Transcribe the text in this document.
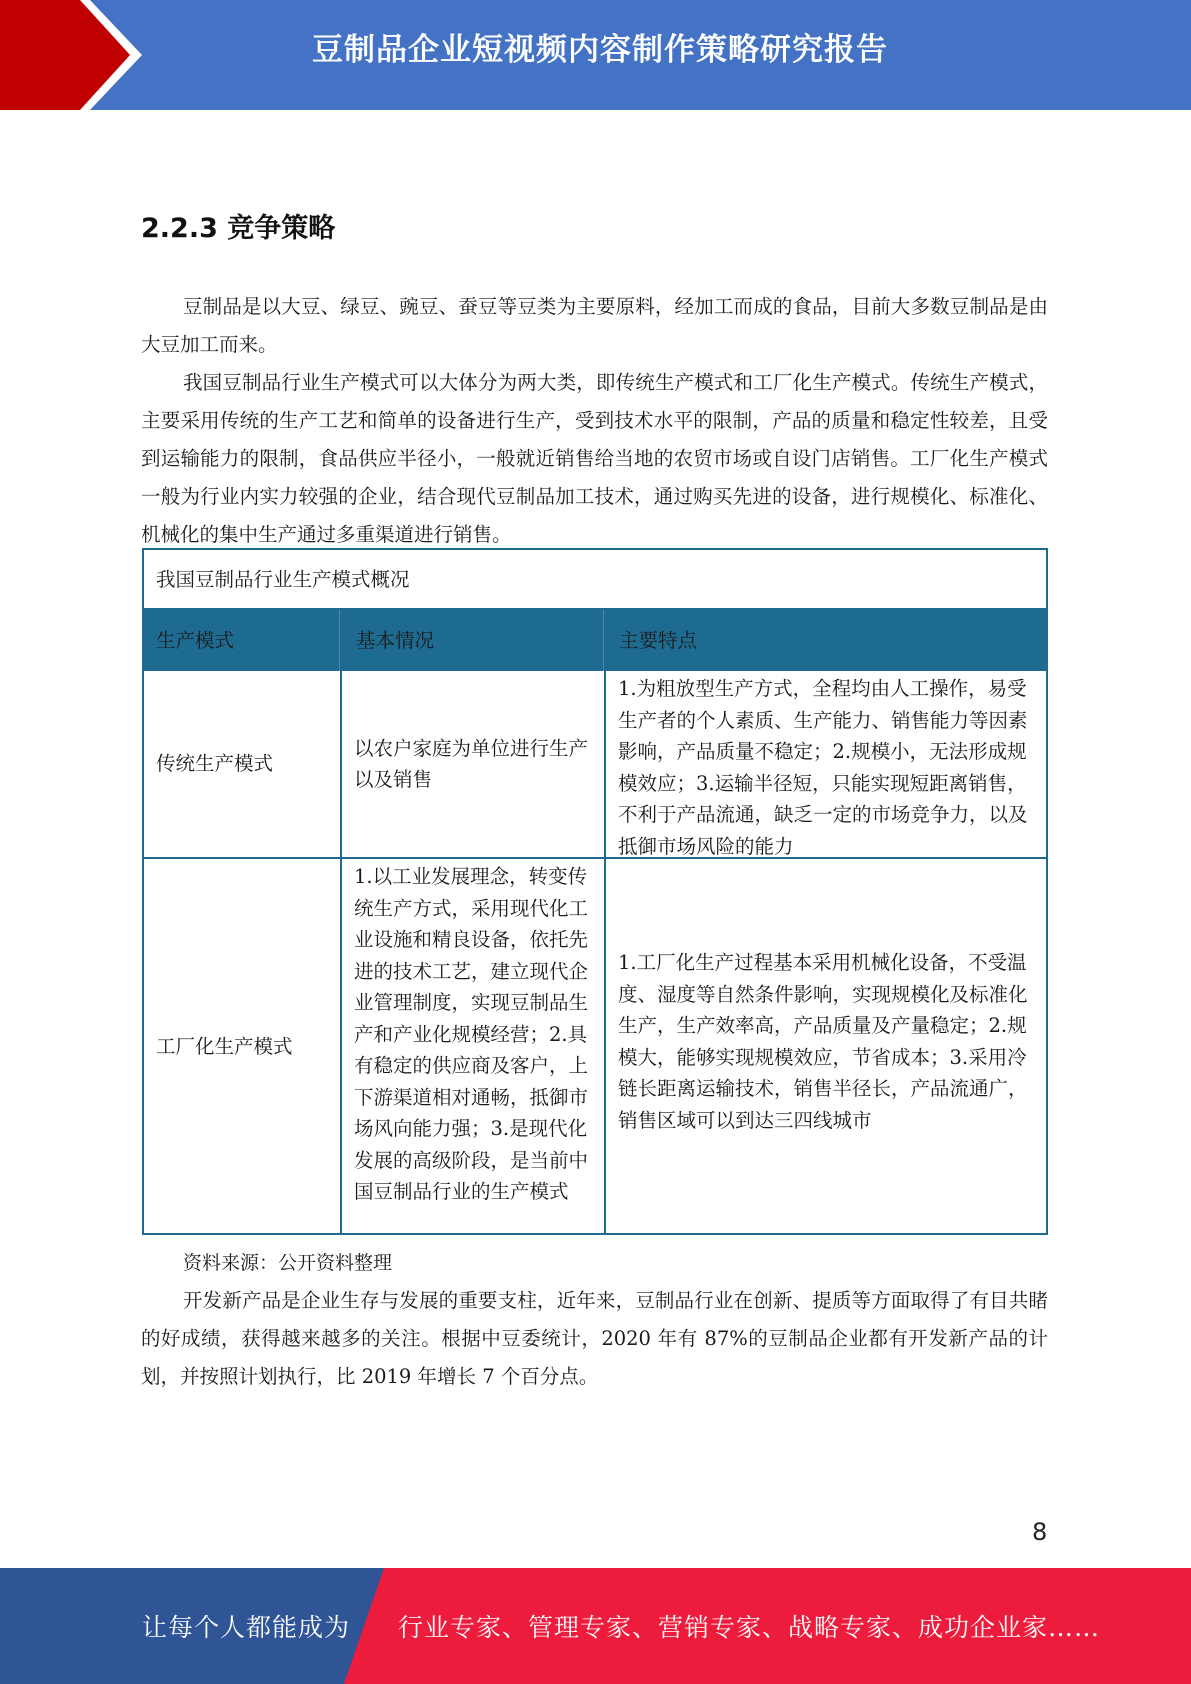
豆制品企业短视频内容制作策略研究报告
2.2.3 竞争策略

豆制品是以大豆、绿豆、豌豆、蚕豆等豆类为主要原料，经加工而成的食品，目前大多数豆制品是由大豆加工而来。

我国豆制品行业生产模式可以大体分为两大类，即传统生产模式和工厂化生产模式。传统生产模式，主要采用传统的生产工艺和简单的设备进行生产，受到技术水平的限制，产品的质量和稳定性较差，且受到运输能力的限制，食品供应半径小，一般就近销售给当地的农贸市场或自设门店销售。工厂化生产模式一般为行业内实力较强的企业，结合现代豆制品加工技术，通过购买先进的设备，进行规模化、标准化、机械化的集中生产通过多重渠道进行销售。

我国豆制品行业生产模式概况
生产模式	基本情况	主要特点
传统生产模式
以农户家庭为单位进行生产以及销售
1.为粗放型生产方式，全程均由人工操作，易受生产者的个人素质、生产能力、销售能力等因素影响，产品质量不稳定；2.规模小，无法形成规模效应；3.运输半径短，只能实现短距离销售，不利于产品流通，缺乏一定的市场竞争力，以及抵御市场风险的能力
工厂化生产模式
1.以工业发展理念，转变传统生产方式，采用现代化工业设施和精良设备，依托先进的技术工艺，建立现代企业管理制度，实现豆制品生产和产业化规模经营；2.具有稳定的供应商及客户，上下游渠道相对通畅，抵御市场风向能力强；3.是现代化发展的高级阶段，是当前中国豆制品行业的生产模式
1.工厂化生产过程基本采用机械化设备，不受温度、湿度等自然条件影响，实现规模化及标准化生产，生产效率高，产品质量及产量稳定；2.规模大，能够实现规模效应，节省成本；3.采用冷链长距离运输技术，销售半径长，产品流通广，销售区域可以到达三四线城市
资料来源：公开资料整理

开发新产品是企业生存与发展的重要支柱，近年来，豆制品行业在创新、提质等方面取得了有目共睹的好成绩，获得越来越多的关注。根据中豆委统计，2020 年有 87%的豆制品企业都有开发新产品的计划，并按照计划执行，比 2019 年增长 7 个百分点。

8
让每个人都能成为 行业专家、管理专家、营销专家、战略专家、成功企业家……
